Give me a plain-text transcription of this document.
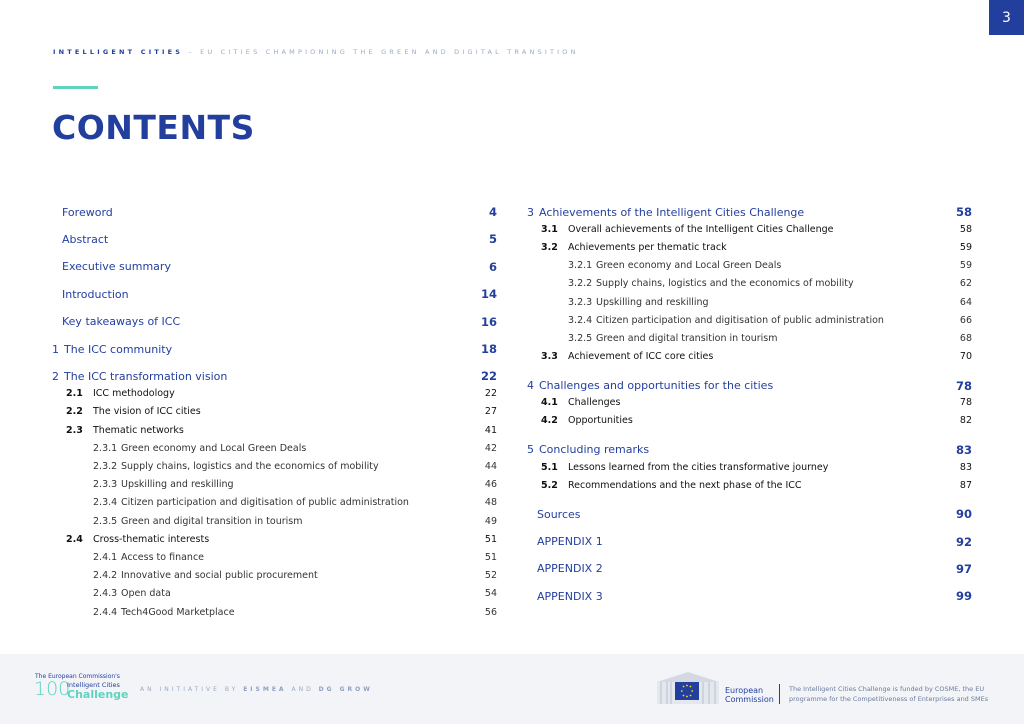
3
INTELLIGENT CITIES – EU CITIES CHAMPIONING THE GREEN AND DIGITAL TRANSITION
CONTENTS
Foreword	4
Abstract	5
Executive summary	6
Introduction	14
Key takeaways of ICC	16
1 The ICC community	18
2 The ICC transformation vision	22
2.1	ICC methodology	22
2.2	The vision of ICC cities	27
2.3	Thematic networks	41
2.3.1 Green economy and Local Green Deals	42
2.3.2 Supply chains, logistics and the economics of mobility	44
2.3.3 Upskilling and reskilling	46
2.3.4 Citizen participation and digitisation of public administration	48
2.3.5 Green and digital transition in tourism	49
2.4	Cross-thematic interests	51
2.4.1 Access to finance	51
2.4.2 Innovative and social public procurement	52
2.4.3 Open data	54
2.4.4 Tech4Good Marketplace	56
3 Achievements of the Intelligent Cities Challenge	58
3.1	Overall achievements of the Intelligent Cities Challenge	58
3.2	Achievements per thematic track	59
3.2.1 Green economy and Local Green Deals	59
3.2.2 Supply chains, logistics and the economics of mobility	62
3.2.3 Upskilling and reskilling	64
3.2.4 Citizen participation and digitisation of public administration	66
3.2.5 Green and digital transition in tourism	68
3.3	Achievement of ICC core cities	70
4 Challenges and opportunities for the cities	78
4.1	Challenges	78
4.2	Opportunities	82
5 Concluding remarks	83
5.1	Lessons learned from the cities transformative journey	83
5.2	Recommendations and the next phase of the ICC	87
Sources	90
APPENDIX 1	92
APPENDIX 2	97
APPENDIX 3	99
The European Commission's
100
Intelligent Cities
Challenge AN INITIATIVE BY EISMEA AND DG GROW	European
Commission
The Intelligent Cities Challenge is funded by COSME, the EU
programme for the Competitiveness of Enterprises and SMEs
